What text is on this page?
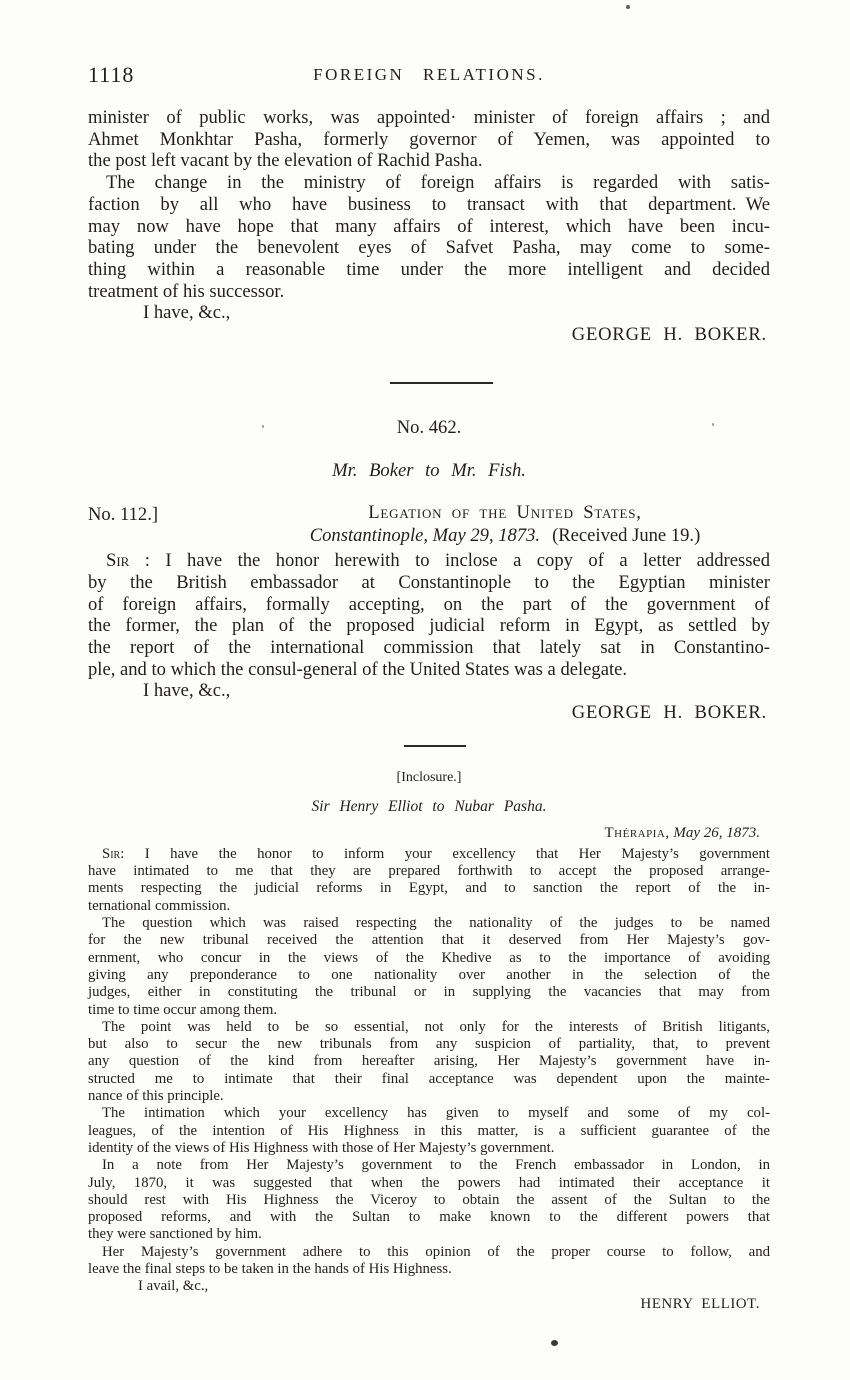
1118	FOREIGN RELATIONS.
minister of public works, was appointed· minister of foreign affairs ; and
Ahmet Monkhtar Pasha, formerly governor of Yemen, was appointed to
the post left vacant by the elevation of Rachid Pasha.
The change in the ministry of foreign affairs is regarded with satis-
faction by all who have business to transact with that department. We
may now have hope that many affairs of interest, which have been incu-
bating under the benevolent eyes of Safvet Pasha, may come to some-
thing within a reasonable time under the more intelligent and decided
treatment of his successor.
I have, &c.,
GEORGE H. BOKER.
No. 462.
Mr. Boker to Mr. Fish.
No. 112.]	Legation of the United States,
Constantinople, May 29, 1873. (Received June 19.)
Sir : I have the honor herewith to inclose a copy of a letter addressed
by the British embassador at Constantinople to the Egyptian minister
of foreign affairs, formally accepting, on the part of the government of
the former, the plan of the proposed judicial reform in Egypt, as settled by
the report of the international commission that lately sat in Constantino-
ple, and to which the consul-general of the United States was a delegate.
I have, &c.,
GEORGE H. BOKER.
[Inclosure.]
Sir Henry Elliot to Nubar Pasha.
Thérapia, May 26, 1873.
Sir: I have the honor to inform your excellency that Her Majesty’s government
have intimated to me that they are prepared forthwith to accept the proposed arrange-
ments respecting the judicial reforms in Egypt, and to sanction the report of the in-
ternational commission.
The question which was raised respecting the nationality of the judges to be named
for the new tribunal received the attention that it deserved from Her Majesty’s gov-
ernment, who concur in the views of the Khedive as to the importance of avoiding
giving any preponderance to one nationality over another in the selection of the
judges, either in constituting the tribunal or in supplying the vacancies that may from
time to time occur among them.
The point was held to be so essential, not only for the interests of British litigants,
but also to secur the new tribunals from any suspicion of partiality, that, to prevent
any question of the kind from hereafter arising, Her Majesty’s government have in-
structed me to intimate that their final acceptance was dependent upon the mainte-
nance of this principle.
The intimation which your excellency has given to myself and some of my col-
leagues, of the intention of His Highness in this matter, is a sufficient guarantee of the
identity of the views of His Highness with those of Her Majesty’s government.
In a note from Her Majesty’s government to the French embassador in London, in
July, 1870, it was suggested that when the powers had intimated their acceptance it
should rest with His Highness the Viceroy to obtain the assent of the Sultan to the
proposed reforms, and with the Sultan to make known to the different powers that
they were sanctioned by him.
Her Majesty’s government adhere to this opinion of the proper course to follow, and
leave the final steps to be taken in the hands of His Highness.
I avail, &c.,
HENRY ELLIOT.
